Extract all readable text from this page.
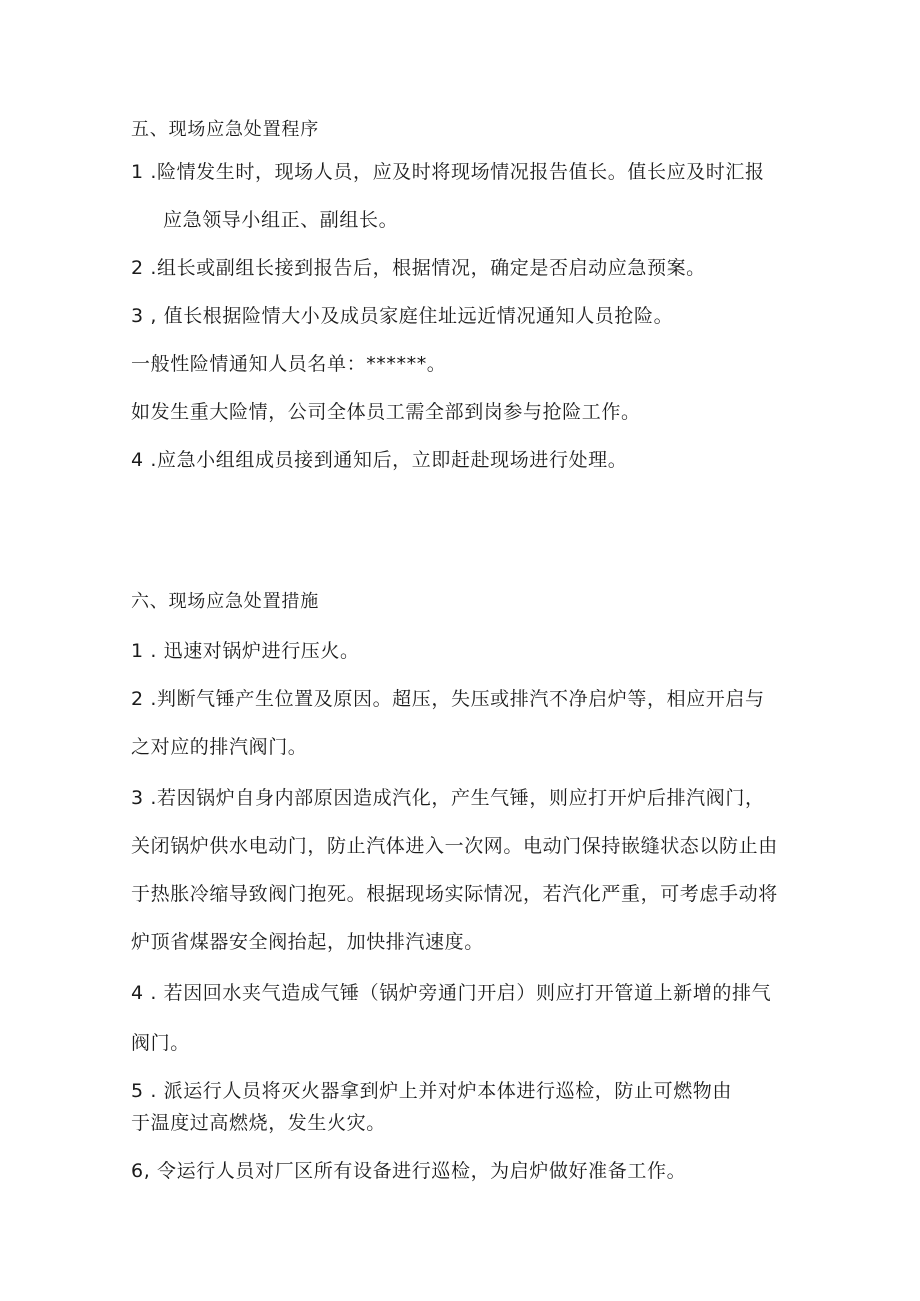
五、现场应急处置程序
1 .险情发生时，现场人员，应及时将现场情况报告值长。值长应及时汇报
应急领导小组正、副组长。
2 .组长或副组长接到报告后，根据情况，确定是否启动应急预案。
3 , 值长根据险情大小及成员家庭住址远近情况通知人员抢险。
一般性险情通知人员名单：******。
如发生重大险情，公司全体员工需全部到岗参与抢险工作。
4 .应急小组组成员接到通知后，立即赶赴现场进行处理。
六、现场应急处置措施
1 . 迅速对锅炉进行压火。
2 .判断气锤产生位置及原因。超压，失压或排汽不净启炉等，相应开启与
之对应的排汽阀门。
3 .若因锅炉自身内部原因造成汽化，产生气锤，则应打开炉后排汽阀门，
关闭锅炉供水电动门，防止汽体进入一次网。电动门保持嵌缝状态以防止由
于热胀冷缩导致阀门抱死。根据现场实际情况，若汽化严重，可考虑手动将
炉顶省煤器安全阀抬起，加快排汽速度。
4 . 若因回水夹气造成气锤（锅炉旁通门开启）则应打开管道上新增的排气
阀门。
5 . 派运行人员将灭火器拿到炉上并对炉本体进行巡检，防止可燃物由
于温度过高燃烧，发生火灾。
6, 令运行人员对厂区所有设备进行巡检，为启炉做好准备工作。
